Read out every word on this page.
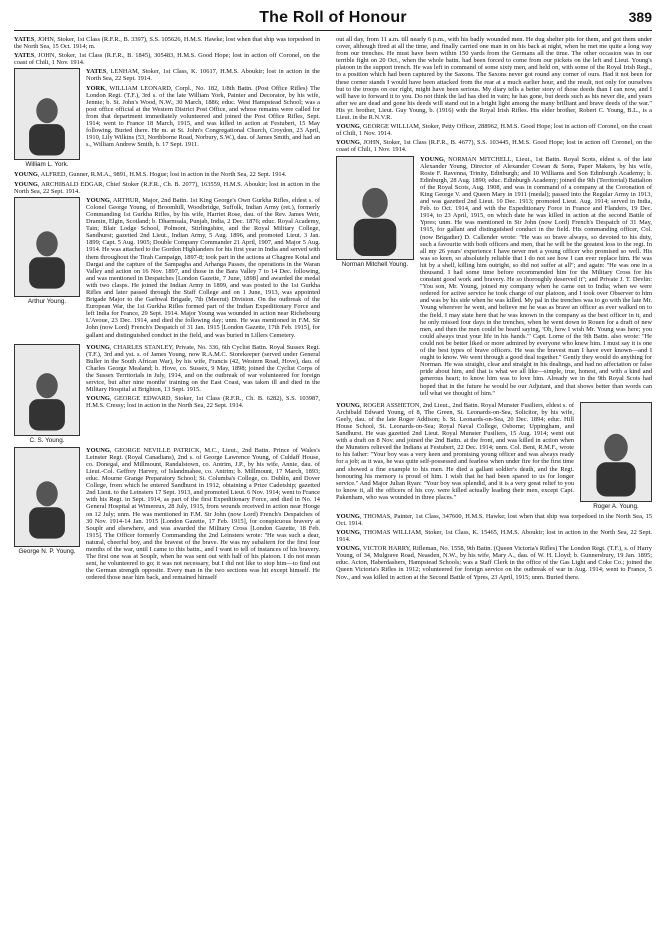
The Roll of Honour	389
YATES, JOHN, Stoker, 1st Class (R.F.R., B. 3397), S.S. 105626, H.M.S. Hawke; lost when that ship was torpedoed in the North Sea, 15 Oct. 1914; m.
YATES, JOHN, Stoker, 1st Class (R.F.R., B. 1845), 305483, H.M.S. Good Hope; lost in action off Coronel, on the coast of Chili, 1 Nov. 1914.
William L. York.
YATES, LENHAM, Stoker, 1st Class, K. 10617, H.M.S. Aboukir; lost in action in the North Sea, 22 Sept. 1914.
YORK, WILLIAM LEONARD, Corpl., No. 182, 1/8th Battn. (Post Office Rifles) The London Regt. (T.F.), 3rd s. of the late William York, Painter and Decorator, by his wife, Jennie; b. St. John's Wood, N.W., 30 March, 1886; educ. West Hampstead School; was a post office official at the Western District Post Office, and whose remains were called for from that department immediately volunteered and joined the Post Office Rifles, Sept. 1914; went to France 18 March, 1915, and was killed in action at Festubert, 15 May following. Buried there. He m. at St. John's Congregational Church, Croydon, 23 April, 1910, Lily Wilkins (53, Northborne Road, Norbury, S.W.), dau. of James Smith, and had an s., William Andrew Smith, b. 17 Sept. 1911.
YOUNG, ALFRED, Gunner, R.M.A., 9891, H.M.S. Hogue; lost in action in the North Sea, 22 Sept. 1914.
YOUNG, ARCHIBALD EDGAR, Chief Stoker (R.F.R., Ch. B. 2077), 163559, H.M.S. Aboukir; lost in action in the North Sea, 22 Sept. 1914.
Arthur Young.
YOUNG, ARTHUR, Major, 2nd Battn. 1st King George's Own Gurkha Rifles, eldest s. of Colonel George Young, of Broomhill, Woodbridge, Suffolk, Indian Army (ret.), formerly Commanding 1st Gurkha Rifles, by his wife, Harriet Rose, dau. of the Rev. James Weir, Dramin, Elgin, Scotland; b. Dharmsala, Punjab, India, 2 Dec. 1876; educ. Royal Academy, Tain; Blair Lodge School, Polmont, Stirlingshire, and the Royal Military College, Sandhurst; gazetted 2nd Lieut., Indian Army, 5 Aug. 1896, and promoted Lieut. 3 Jan. 1899; Capt. 5 Aug. 1905; Double Company Commander 21 April, 1907, and Major 5 Aug. 1914. He was attached to the Gordon Highlanders for his first year in India and served with them throughout the Tirah Campaign, 1897-8; took part in the actions at Chagree Kotal and Dargai and the capture of the Sampagha and Arhanga Passes, the operations in the Waran Valley and action on 16 Nov. 1897, and those in the Bara Valley 7 to 14 Dec. following, and was mentioned in Despatches [London Gazette, 7 June, 1898] and awarded the medal with two clasps. He joined the Indian Army in 1899, and was posted to the 1st Gurkha Rifles and later passed through the Staff College and on 1 June, 1913, was appointed Brigade Major to the Garhwal Brigade, 7th (Meerut) Division. On the outbreak of the European War, the 1st Gurkha Rifles formed part of the Indian Expeditionary Force and left India for France, 29 Sept. 1914. Major Young was wounded in action near Richebourg L'Avoue, 23 Dec. 1914, and died the following day; unm. He was mentioned in F.M. Sir John (now Lord) French's Despatch of 31 Jan. 1915 [London Gazette, 17th Feb. 1915], for gallant and distinguished conduct in the field, and was buried in Lillers Cemetery.
C. S. Young.
YOUNG, CHARLES STANLEY, Private, No. 336, 6th Cyclist Battn. Royal Sussex Regt. (T.F.), 3rd and yst. s. of James Young, now R.A.M.C. Storekeeper (served under General Buller in the South African War), by his wife, Francis (42, Western Road, Hove), dau. of Charles George Mealand; b. Hove, co. Sussex, 9 May, 1898; joined the Cyclist Corps of the Sussex Territorials in July, 1914, and on the outbreak of war volunteered for foreign service, but after nine months' training on the East Coast, was taken ill and died in the Military Hospital at Brighton, 13 Sept. 1915.
YOUNG, GEORGE EDWARD, Stoker, 1st Class (R.F.R., Ch. B. 6282), S.S. 103987, H.M.S. Cressy; lost in action in the North Sea, 22 Sept. 1914.
George N. P. Young.
YOUNG, GEORGE NEVILLE PATRICK, M.C., Lieut., 2nd Battn. Prince of Wales's Leinster Regt. (Royal Canadians), 2nd s. of George Lawrence Young, of Culdaff House, co. Donegal, and Millmount, Randalstown, co. Antrim, J.P., by his wife, Annie, dau. of Lieut.-Col. Geffrey Harvey, of Islandmahee, co. Antrim; b. Millmount, 17 March, 1893; educ. Mourne Grange Preparatory School; St. Columba's College, co. Dublin, and Dover College, from which he entered Sandhurst in 1912, obtaining a Prize Cadetship; gazetted 2nd Lieut. to the Leinsters 17 Sept. 1913, and promoted Lieut. 6 Nov. 1914; went to France with his Regt. in Sept. 1914, as part of the first Expeditionary Force, and died in No. 14 General Hospital at Wimereux, 28 July, 1915, from wounds received in action near Hooge on 12 July; unm. He was mentioned in F.M. Sir John (now Lord) French's Despatches of 30 Nov. 1914-14 Jan. 1915 [London Gazette, 17 Feb. 1915], for conspicuous bravery at Souplr and elsewhere, and was awarded the Military Cross [London Gazette, 18 Feb. 1915]. The Officer formerly Commanding the 2nd Leinsters wrote: "He was such a dear, natural, cheerful boy, and the bravest of the brave. He was my subaltern for the first four months of the war, until I came to this battn., and I want to tell of instances of his bravery. The first one was at Souplr, when he was sent out with half of his platoon. I do not mean sent, he volunteered to go; it was not necessary, but I did not like to stop him—to find out the German strength opposite. Every man in the two sections was hit except himself. He ordered those near him back, and remained himself
out all day, from 11 a.m. till nearly 6 p.m., with his badly wounded men. He dug shelter pits for them, and got them under cover, although fired at all the time, and finally carried one man in on his back at night, when he met me quite a long way from our trenches. He must have been within 150 yards from the Germans all the time. The other occasion was in our terrible fight on 20 Oct., when the whole battn. had been forced to come from our pickets on the left and Lieut. Young's platoon in the support trench. He was left in command of some sixty men, and held on, with some of the Royal Irish Regt., to a position which had been captured by the Saxons. The Saxons never got round any corner of ours. Had it not been for these corner stands I would have been attacked from the rear at a much earlier hour, and the result, not only for ourselves but to the troops on our right, might have been serious. My diary tells a better story of those deeds than I can now, and I will have to forward it to you. Do not think the lad has died in vain; he has gone, but deeds such as his never die, and years after we are dead and gone his deeds will stand out in a bright light among the many brilliant and brave deeds of the war." His yr. brother, Lieut. Guy Young, b. (1916) with the Royal Irish Rifles. His elder brother, Robert C. Young, B.L., is a Lieut. in the R.N.V.R.
YOUNG, GEORGE WILLIAM, Stoker, Petty Officer, 288962, H.M.S. Good Hope; lost in action off Coronel, on the coast of Chili, 1 Nov. 1914.
YOUNG, JOHN, Stoker, 1st Class (R.F.R., B. 4677), S.S. 103445, H.M.S. Good Hope; lost in action off Coronel, on the coast of Chili, 1 Nov. 1914.
Norman Mitchell Young.
YOUNG, NORMAN MITCHELL, Lieut., 1st Battn. Royal Scots, eldest s. of the late Alexander Young, Director of Alexander Cowan & Sons, Paper Makers, by his wife, Rosie F. Ravenna, Trinity, Edinburgh; and 10 Williams and Son Edinburgh Academy; b. Edinburgh, 28 Aug. 1890; educ. Edinburgh Academy; joined the 9th (Territorial) Battalion of the Royal Scots, Aug. 1908, and was in command of a company at the Coronation of King George V. and Queen Mary in 1911 (medal); passed into the Regular Army in 1913, and was gazetted 2nd Lieut. 10 Dec. 1913; promoted Lieut. Aug. 1914; served in India, Feb. to Oct. 1914, and with the Expeditionary Force in France and Flanders, 19 Dec. 1914, to 23 April, 1915, on which date he was killed in action at the second Battle of Ypres; unm. He was mentioned in Sir John (now Lord) French's Despatch of 31 May, 1915, for gallant and distinguished conduct in the field. His commanding officer, Col. (now Brigadier) D. Callender wrote: "He was so brave always, so devoted to his duty, such a favourite with both officers and men, that he will be the greatest loss to the regt. In all my 26 years' experience I have never met a young officer who promised so well. His was so keen, so absolutely reliable that I do not see how I can ever replace him. He was hit by a shell, killing him outright, so did not suffer at all"; and again: "He was one in a thousand. I had some time before recommended him for the Military Cross for his constant good work and bravery. He so thoroughly deserved it"; and Private J. T. Devlin: "You son, Mr. Young, joined my company when he came out to India; when we were ordered for active service he took charge of our platoon, and I took over Observer to him and was by his side when he was killed. My pal in the trenches was to go with the late Mr. Young wherever he went, and believe me he was as brave an officer as ever walked on to the field. I may state here that he was known in the company as the best officer in it, and he only missed four days in the trenches, when he went down to Rouen for a draft of new men, and then the men could be heard saying, 'Oh, how I wish Mr. Young was here; you could always trust your life in his hands.'" Capt. Lorne of the 9th Battn. also wrote: "He could not be better liked or more admired by everyone who knew him. I must say it is one of the best types of brave officers. He was the bravest man I have ever known—and I ought to know. We went through a good deal together." Gently they would do anything for Norman. He was straight, clear and straight in his dealings, and had no affectation or false pride about him, and that is what we all like—simple, true, honest, and with a kind and generous heart; to know him was to love him. Already we in the 9th Royal Scots had hoped that in the future he would be our Adjutant, and that shows better than words can tell what we thought of him."
YOUNG, ROGER ASSHETON, 2nd Lieut., 2nd Battn. Royal Munster Fusiliers, eldest s. of Archibald Edward Young, of 8, The Green, St. Leonards-on-Sea, Solicitor, by his wife, Geely, dau. of the late Roger Addison; b. St. Leonards-on-Sea, 20 Dec. 1894; educ. Hill House School, St. Leonards-on-Sea; Royal Naval College, Osborne; Uppingham, and Sandhurst. He was gazetted 2nd Lieut. Royal Munster Fusiliers, 15 Aug. 1914; went out with a draft on 8 Nov. and joined the 2nd Battn. at the front, and was killed in action when the Munsters relieved the Indians at Festubert, 22 Dec. 1914; unm. Col. Bent, R.M.F., wrote to his father: "Your boy was a very keen and promising young officer and was always ready for a job; as it was, he was quite self-possessed and fearless when under fire for the first time and showed a fine example to his men. He died a gallant soldier's death, and the Regt. honouring his memory is proud of him. I wish that he had been spared to us for longer service." And Major Julian Ryan: "Your boy was splendid, and it is a very great relief to you to know it, all the officers of his coy. were killed actually leading their men, except Capt. Pakenham, who was wounded in three places."
Roger A. Young.
YOUNG, THOMAS, Painter, 1st Class, 347600, H.M.S. Hawke; lost when that ship was torpedoed in the North Sea, 15 Oct. 1914.
YOUNG, THOMAS WILLIAM, Stoker, 1st Class, K. 15465, H.M.S. Aboukir; lost in action in the North Sea, 22 Sept. 1914.
YOUNG, VICTOR HARRY, Rifleman, No. 1558, 9th Battn. (Queen Victoria's Rifles) The London Regt. (T.F.), s. of Harry Young, of 34, Mulgrave Road, Neasden, N.W., by his wife, Mary A., dau. of W. H. Lloyd; b. Gunnersbury, 19 Jan. 1895; educ. Acton, Haberdashers, Hampstead Schools; was a Staff Clerk in the office of the Gas Light and Coke Co.; joined the Queen Victoria's Rifles in 1912; volunteered for foreign service on the outbreak of war in Aug. 1914; went to France, 5 Nov., and was killed in action at the Second Battle of Ypres, 23 April, 1915; unm. Buried there.
